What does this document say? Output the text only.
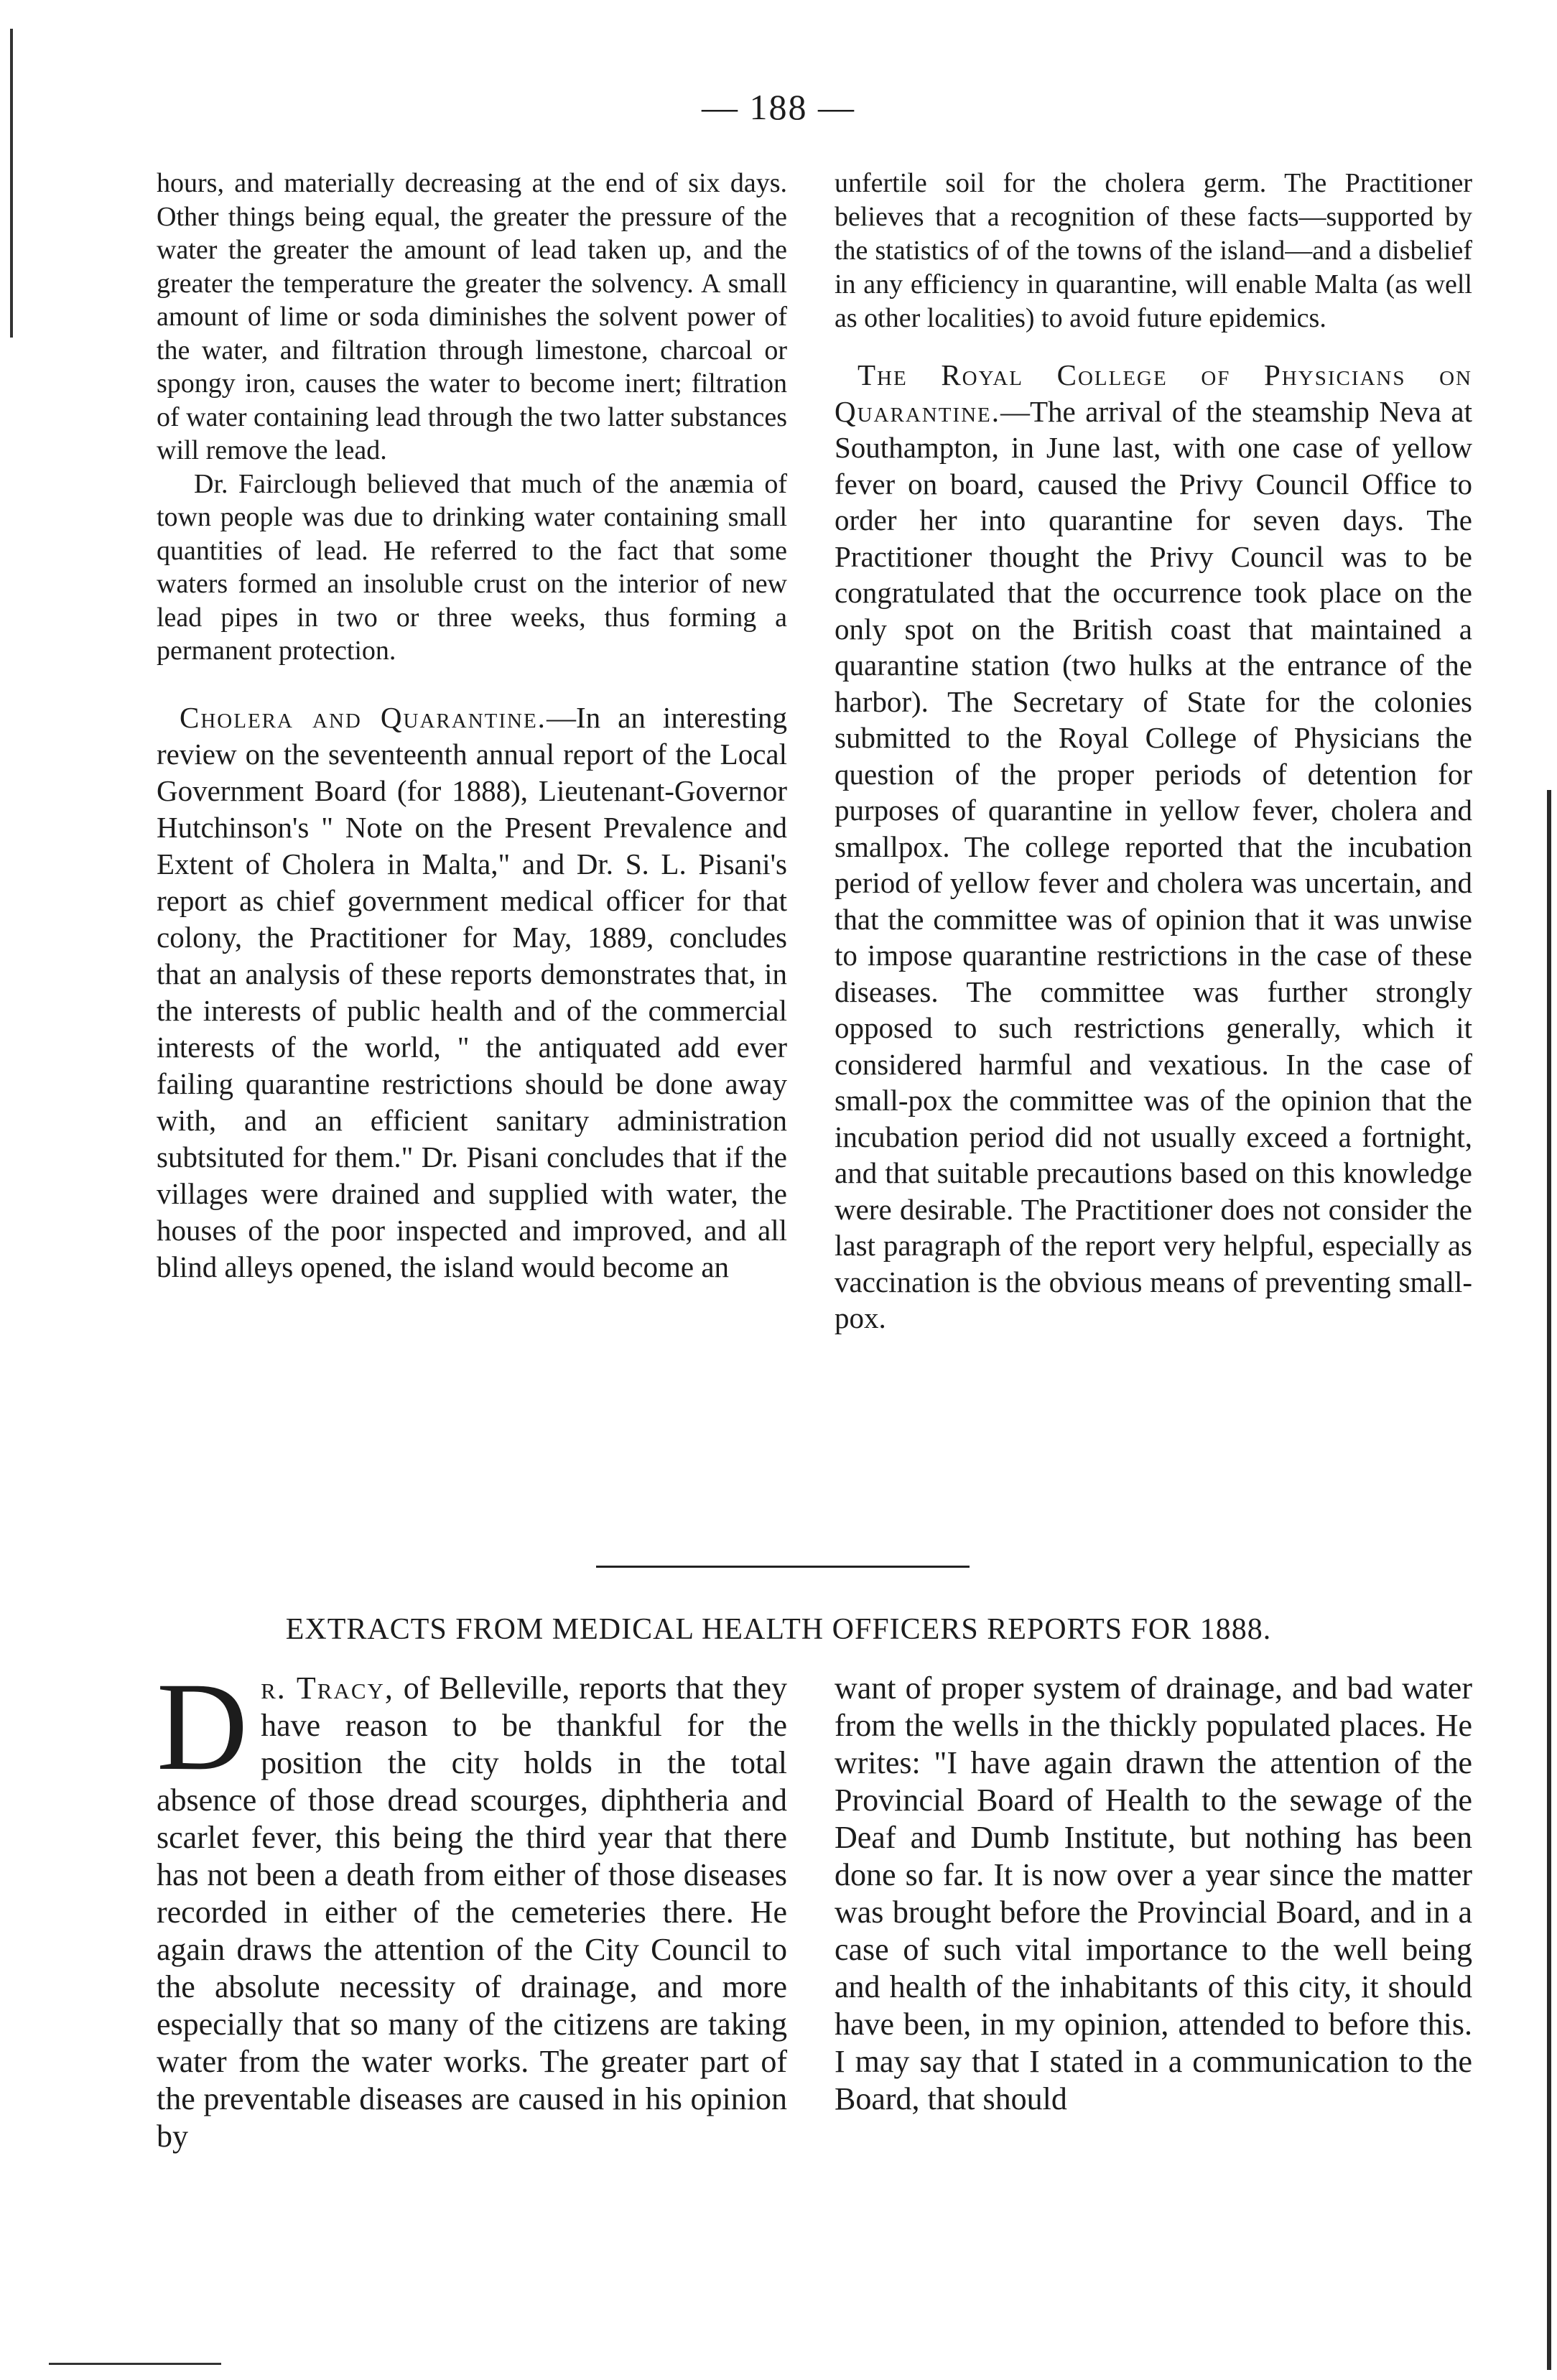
— 188 —

hours, and materially decreasing at the end of six days. Other things being equal, the greater the pressure of the water the greater the amount of lead taken up, and the greater the temperature the greater the solvency. A small amount of lime or soda diminishes the solvent power of the water, and filtration through limestone, charcoal or spongy iron, causes the water to become inert; filtration of water containing lead through the two latter substances will remove the lead.

Dr. Fairclough believed that much of the anæmia of town people was due to drinking water containing small quantities of lead. He referred to the fact that some waters formed an insoluble crust on the interior of new lead pipes in two or three weeks, thus forming a permanent protection.

Cholera and Quarantine.—In an interesting review on the seventeenth annual report of the Local Government Board (for 1888), Lieutenant-Governor Hutchinson's " Note on the Present Prevalence and Extent of Cholera in Malta," and Dr. S. L. Pisani's report as chief government medical officer for that colony, the Practitioner for May, 1889, concludes that an analysis of these reports demonstrates that, in the interests of public health and of the commercial interests of the world, " the antiquated add ever failing quarantine restrictions should be done away with, and an efficient sanitary administration subtsituted for them." Dr. Pisani concludes that if the villages were drained and supplied with water, the houses of the poor inspected and improved, and all blind alleys opened, the island would become an

unfertile soil for the cholera germ. The Practitioner believes that a recognition of these facts—supported by the statistics of of the towns of the island—and a disbelief in any efficiency in quarantine, will enable Malta (as well as other localities) to avoid future epidemics.

The Royal College of Physicians on Quarantine.—The arrival of the steamship Neva at Southampton, in June last, with one case of yellow fever on board, caused the Privy Council Office to order her into quarantine for seven days. The Practitioner thought the Privy Council was to be congratulated that the occurrence took place on the only spot on the British coast that maintained a quarantine station (two hulks at the entrance of the harbor). The Secretary of State for the colonies submitted to the Royal College of Physicians the question of the proper periods of detention for purposes of quarantine in yellow fever, cholera and smallpox. The college reported that the incubation period of yellow fever and cholera was uncertain, and that the committee was of opinion that it was unwise to impose quarantine restrictions in the case of these diseases. The committee was further strongly opposed to such restrictions generally, which it considered harmful and vexatious. In the case of small-pox the committee was of the opinion that the incubation period did not usually exceed a fortnight, and that suitable precautions based on this knowledge were desirable. The Practitioner does not consider the last paragraph of the report very helpful, especially as vaccination is the obvious means of preventing small-pox.

EXTRACTS FROM MEDICAL HEALTH OFFICERS REPORTS FOR 1888.

Dr. Tracy, of Belleville, reports that they have reason to be thankful for the position the city holds in the total absence of those dread scourges, diphtheria and scarlet fever, this being the third year that there has not been a death from either of those diseases recorded in either of the cemeteries there. He again draws the attention of the City Council to the absolute necessity of drainage, and more especially that so many of the citizens are taking water from the water works. The greater part of the preventable diseases are caused in his opinion by

want of proper system of drainage, and bad water from the wells in the thickly populated places. He writes: "I have again drawn the attention of the Provincial Board of Health to the sewage of the Deaf and Dumb Institute, but nothing has been done so far. It is now over a year since the matter was brought before the Provincial Board, and in a case of such vital importance to the well being and health of the inhabitants of this city, it should have been, in my opinion, attended to before this. I may say that I stated in a communication to the Board, that should
